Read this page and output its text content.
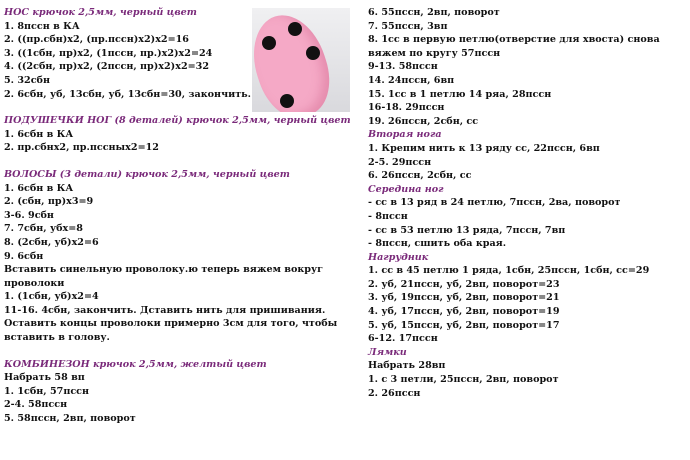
НОС крючок 2,5мм, черный цвет
1. 8пссн в КА
2. ((пр.сбн)х2, (пр.пссн)х2)х2=16
3. ((1сбн, пр)х2, (1пссн, пр.)х2)х2=24
4. ((2сбн, пр)х2, (2пссн, пр)х2)х2=32
5. 32сбн
2. 6сбн, уб, 13сбн, уб, 13сбн=30, закончить.
ПОДУШЕЧКИ НОГ (8 деталей) крючок 2,5мм, черный цвет
1. 6сбн в КА
2. пр.сбнх2, пр.пссных2=12
ВОЛОСЫ (3 детали) крючок 2,5мм, черный цвет
1. 6сбн в КА
2. (сбн, пр)х3=9
3-6. 9сбн
7. 7сбн, убх=8
8. (2сбн, уб)х2=6
9. 6сбн
Вставить синельную проволоку.ю теперь вяжем вокруг проволоки
1. (1сбн, уб)х2=4
11-16. 4сбн, закончить. Дставить нить для пришивания. Оставить концы проволоки примерно 3см для того, чтобы вставить в голову.
КОМБИНЕЗОН крючок 2,5мм, желтый цвет
Набрать 58 вп
1. 1сбн, 57пссн
2-4. 58пссн
5. 58пссн, 2вп, поворот
6. 55пссн, 2вп, поворот
7. 55пссн, 3вп
8. 1сс в первую петлю(отверстие для хвоста) снова вяжем по кругу 57пссн
9-13. 58пссн
14. 24пссн, 6вп
15. 1сс в 1 петлю 14 ряа, 28пссн
16-18. 29пссн
19. 26пссн, 2сбн, сс
Вторая нога
1. Крепим нить к 13 ряду сс, 22пссн, 6вп
2-5. 29пссн
6. 26пссн, 2сбн, сс
Середина ног
- сс в 13 ряд в 24 петлю, 7пссн, 2ва, поворот
- 8пссн
- сс в 53 петлю 13 ряда, 7пссн, 7вп
- 8пссн, сшить оба края.
Нагрудник
1. сс в 45 петлю 1 ряда, 1сбн, 25пссн, 1сбн, сс=29
2. уб, 21пссн, уб, 2вп, поворот=23
3. уб, 19пссн, уб, 2вп, поворот=21
4. уб, 17пссн, уб, 2вп, поворот=19
5. уб, 15пссн, уб, 2вп, поворот=17
6-12. 17пссн
Лямки
Набрать 28вп
1. с 3 петли, 25пссн, 2вп, поворот
2. 26пссн
